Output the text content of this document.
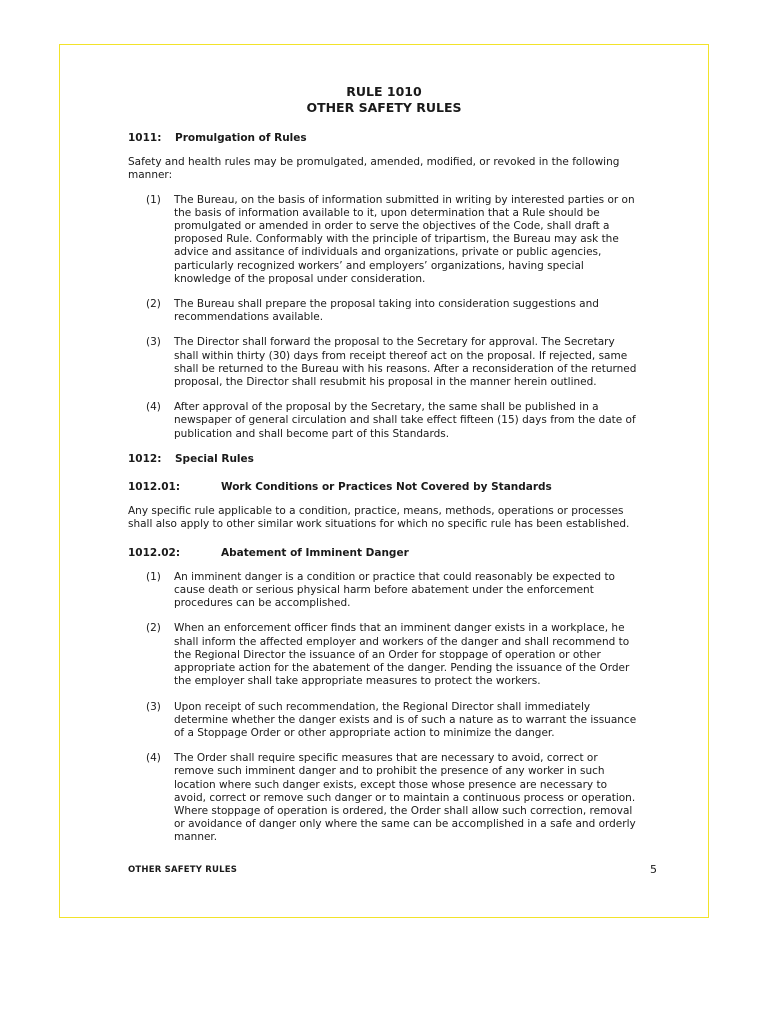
RULE 1010
OTHER SAFETY RULES
1011:	Promulgation of Rules
Safety and health rules may be promulgated, amended, modified, or revoked in the following manner:
(1)	The Bureau, on the basis of information submitted in writing by interested parties or on the basis of information available to it, upon determination that a Rule should be promulgated or amended in order to serve the objectives of the Code, shall draft a proposed Rule. Conformably with the principle of tripartism, the Bureau may ask the advice and assitance of individuals and organizations, private or public agencies, particularly recognized workers’ and employers’ organizations, having special knowledge of the proposal under consideration.
(2)	The Bureau shall prepare the proposal taking into consideration suggestions and recommendations available.
(3)	The Director shall forward the proposal to the Secretary for approval. The Secretary shall within thirty (30) days from receipt thereof act on the proposal. If rejected, same shall be returned to the Bureau with his reasons. After a reconsideration of the returned proposal, the Director shall resubmit his proposal in the manner herein outlined.
(4)	After approval of the proposal by the Secretary, the same shall be published in a newspaper of general circulation and shall take effect fifteen (15) days from the date of publication and shall become part of this Standards.
1012:	Special Rules
1012.01:	Work Conditions or Practices Not Covered by Standards
Any specific rule applicable to a condition, practice, means, methods, operations or processes shall also apply to other similar work situations for which no specific rule has been established.
1012.02:	Abatement of Imminent Danger
(1)	An imminent danger is a condition or practice that could reasonably be expected to cause death or serious physical harm before abatement under the enforcement procedures can be accomplished.
(2)	When an enforcement officer finds that an imminent danger exists in a workplace, he shall inform the affected employer and workers of the danger and shall recommend to the Regional Director the issuance of an Order for stoppage of operation or other appropriate action for the abatement of the danger. Pending the issuance of the Order the employer shall take appropriate measures to protect the workers.
(3)	Upon receipt of such recommendation, the Regional Director shall immediately determine whether the danger exists and is of such a nature as to warrant the issuance of a Stoppage Order or other appropriate action to minimize the danger.
(4)	The Order shall require specific measures that are necessary to avoid, correct or remove such imminent danger and to prohibit the presence of any worker in such location where such danger exists, except those whose presence are necessary to avoid, correct or remove such danger or to maintain a continuous process or operation. Where stoppage of operation is ordered, the Order shall allow such correction, removal or avoidance of danger only where the same can be accomplished in a safe and orderly manner.
OTHER SAFETY RULES	5
